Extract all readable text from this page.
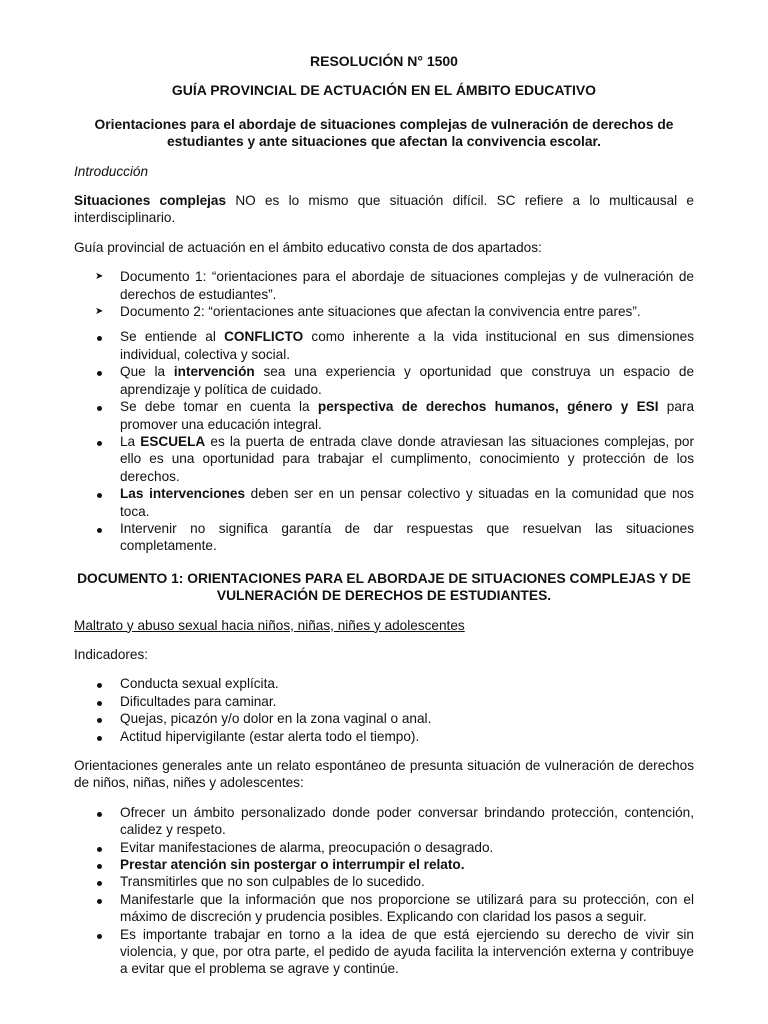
RESOLUCIÓN N° 1500

GUÍA PROVINCIAL DE ACTUACIÓN EN EL ÁMBITO EDUCATIVO

Orientaciones para el abordaje de situaciones complejas de vulneración de derechos de estudiantes y ante situaciones que afectan la convivencia escolar.

Introducción

Situaciones complejas NO es lo mismo que situación difícil. SC refiere a lo multicausal e interdisciplinario.

Guía provincial de actuación en el ámbito educativo consta de dos apartados:

➤	Documento 1: “orientaciones para el abordaje de situaciones complejas y de vulneración de derechos de estudiantes”.
➤	Documento 2: “orientaciones ante situaciones que afectan la convivencia entre pares”.
Se entiende al CONFLICTO como inherente a la vida institucional en sus dimensiones individual, colectiva y social.
Que la intervención sea una experiencia y oportunidad que construya un espacio de aprendizaje y política de cuidado.
Se debe tomar en cuenta la perspectiva de derechos humanos, género y ESI para promover una educación integral.
La ESCUELA es la puerta de entrada clave donde atraviesan las situaciones complejas, por ello es una oportunidad para trabajar el cumplimento, conocimiento y protección de los derechos.
Las intervenciones deben ser en un pensar colectivo y situadas en la comunidad que nos toca.
Intervenir no significa garantía de dar respuestas que resuelvan las situaciones completamente.

DOCUMENTO 1: ORIENTACIONES PARA EL ABORDAJE DE SITUACIONES COMPLEJAS Y DE VULNERACIÓN DE DERECHOS DE ESTUDIANTES.

Maltrato y abuso sexual hacia niños, niñas, niñes y adolescentes

Indicadores:

Conducta sexual explícita.
Dificultades para caminar.
Quejas, picazón y/o dolor en la zona vaginal o anal.
Actitud hipervigilante (estar alerta todo el tiempo).

Orientaciones generales ante un relato espontáneo de presunta situación de vulneración de derechos de niños, niñas, niñes y adolescentes:

Ofrecer un ámbito personalizado donde poder conversar brindando protección, contención, calidez y respeto.
Evitar manifestaciones de alarma, preocupación o desagrado.
Prestar atención sin postergar o interrumpir el relato.
Transmitirles que no son culpables de lo sucedido.
Manifestarle que la información que nos proporcione se utilizará para su protección, con el máximo de discreción y prudencia posibles. Explicando con claridad los pasos a seguir.
Es importante trabajar en torno a la idea de que está ejerciendo su derecho de vivir sin violencia, y que, por otra parte, el pedido de ayuda facilita la intervención externa y contribuye a evitar que el problema se agrave y continúe.
